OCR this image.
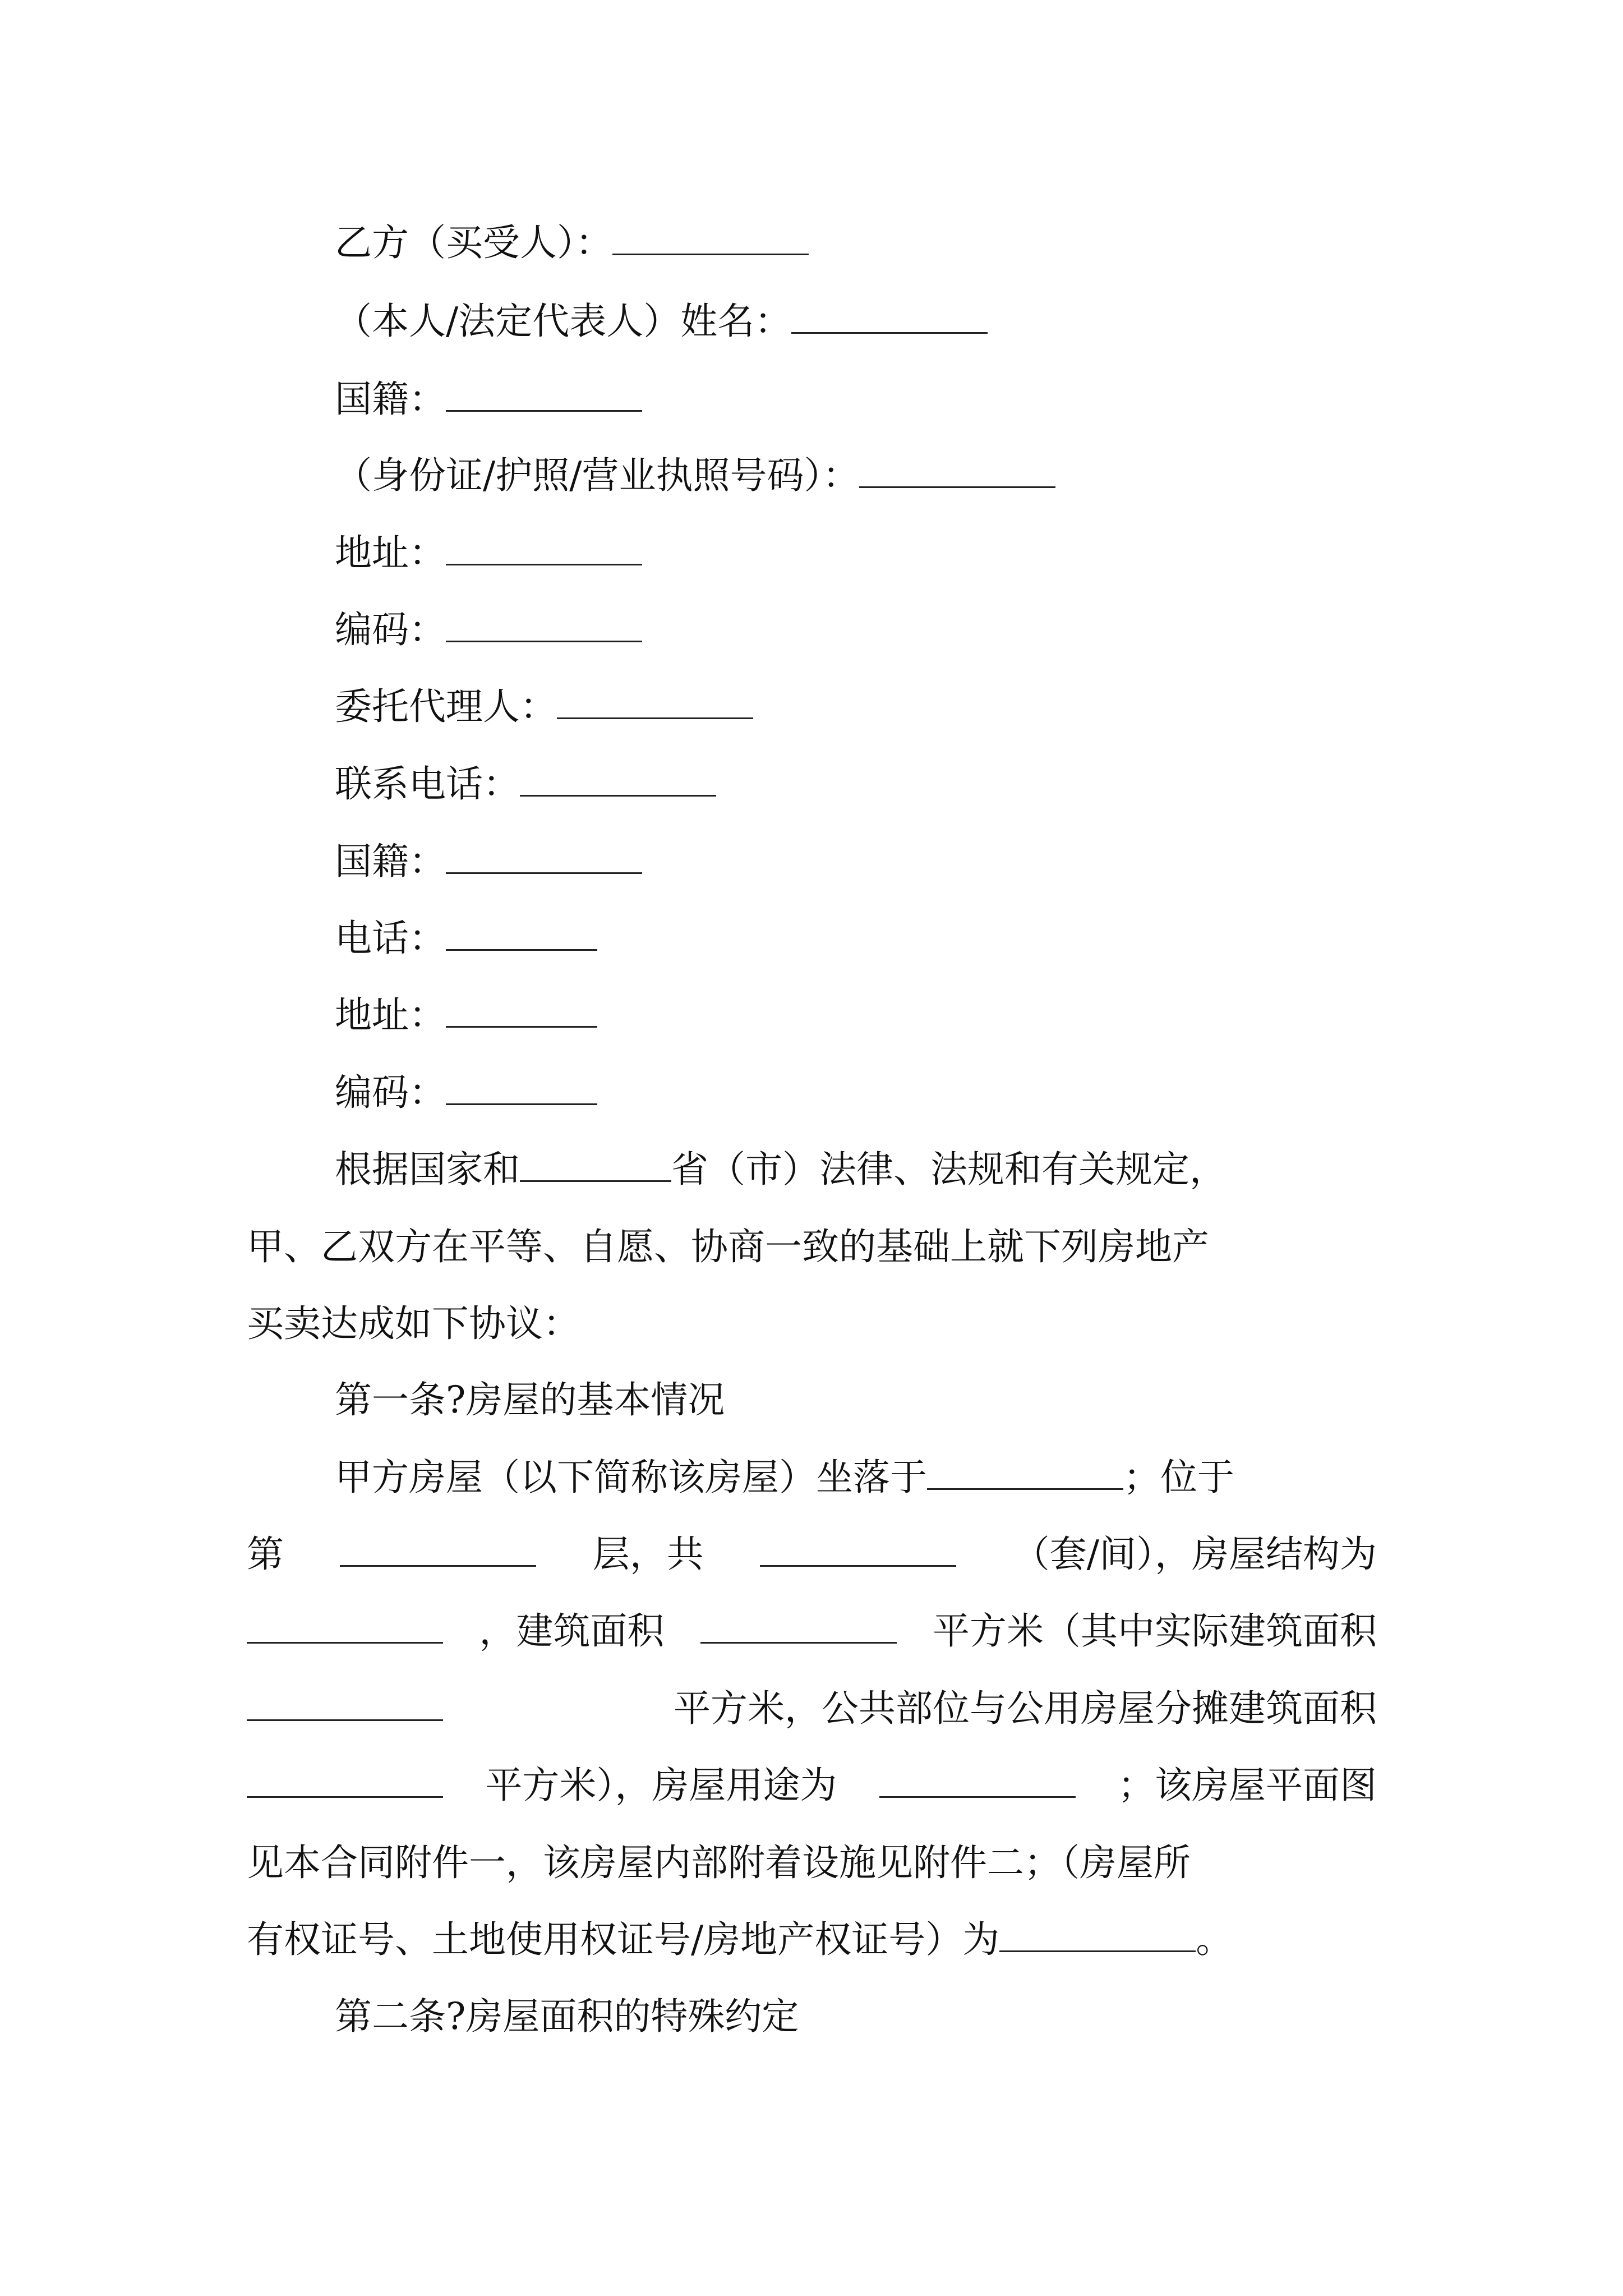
乙方（买受人）：
（本人/法定代表人）姓名：
国籍：
（身份证/护照/营业执照号码）：
地址：
编码：
委托代理人：
联系电话：
国籍：
电话：
地址：
编码：
根据国家和	省（市）法律、法规和有关规定，
甲、乙双方在平等、自愿、协商一致的基础上就下列房地产
买卖达成如下协议：
第一条?房屋的基本情况
甲方房屋（以下简称该房屋）坐落于	；位于
第	层，共	（套/间），房屋结构为
，建筑面积	平方米（其中实际建筑面积
平方米，公共部位与公用房屋分摊建筑面积
平方米），房屋用途为	；该房屋平面图
见本合同附件一，该房屋内部附着设施见附件二；（房屋所
有权证号、土地使用权证号/房地产权证号）为	。
第二条?房屋面积的特殊约定
